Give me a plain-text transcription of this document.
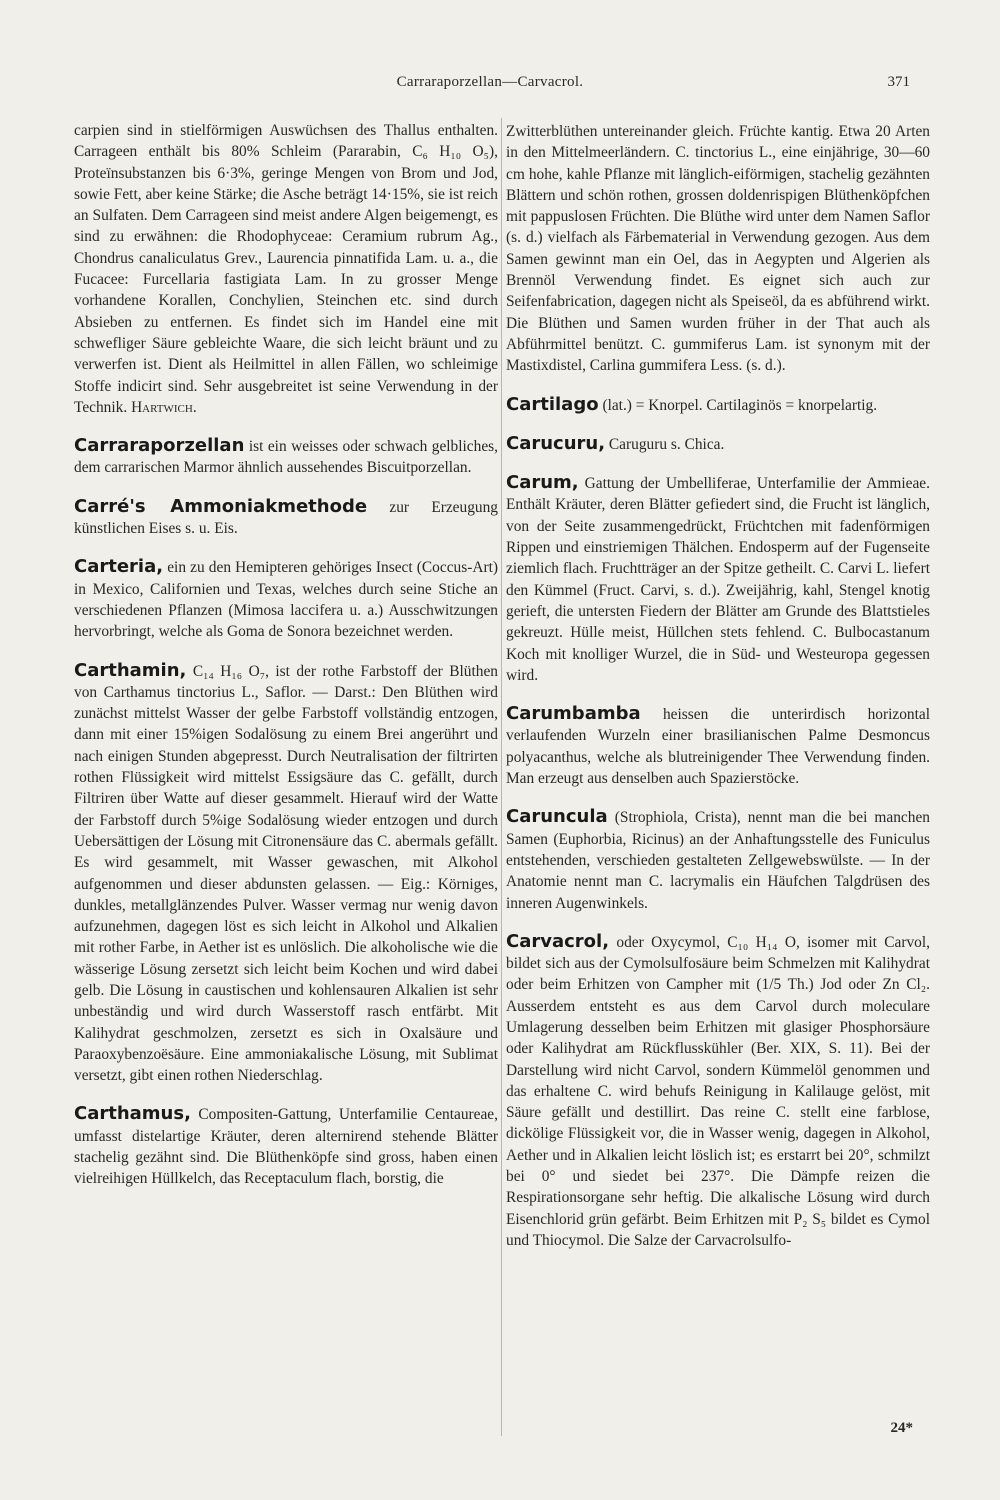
Carraraporzellan—Carvacrol.	371

carpien sind in stielförmigen Auswüchsen des Thallus enthalten. Carrageen enthält bis 80% Schleim (Pararabin, C₆ H₁₀ O₅), Proteïnsubstanzen bis 6·3%, geringe Mengen von Brom und Jod, sowie Fett, aber keine Stärke; die Asche beträgt 14·15%, sie ist reich an Sulfaten. Dem Carrageen sind meist andere Algen beigemengt, es sind zu erwähnen: die Rhodophyceae: Ceramium rubrum Ag., Chondrus canaliculatus Grev., Laurencia pinnatifida Lam. u. a., die Fucacee: Furcellaria fastigiata Lam. In zu grosser Menge vorhandene Korallen, Conchylien, Steinchen etc. sind durch Absieben zu entfernen. Es findet sich im Handel eine mit schwefliger Säure gebleichte Waare, die sich leicht bräunt und zu verwerfen ist. Dient als Heilmittel in allen Fällen, wo schleimige Stoffe indicirt sind. Sehr ausgebreitet ist seine Verwendung in der Technik. Hartwich.

Carraraporzellan ist ein weisses oder schwach gelbliches, dem carrarischen Marmor ähnlich aussehendes Biscuitporzellan.

Carré's Ammoniakmethode zur Erzeugung künstlichen Eises s. u. Eis.

Carteria, ein zu den Hemipteren gehöriges Insect (Coccus-Art) in Mexico, Californien und Texas, welches durch seine Stiche an verschiedenen Pflanzen (Mimosa laccifera u. a.) Ausschwitzungen hervorbringt, welche als Goma de Sonora bezeichnet werden.

Carthamin, C₁₄ H₁₆ O₇, ist der rothe Farbstoff der Blüthen von Carthamus tinctorius L., Saflor. — Darst.: Den Blüthen wird zunächst mittelst Wasser der gelbe Farbstoff vollständig entzogen, dann mit einer 15%igen Sodalösung zu einem Brei angerührt und nach einigen Stunden abgepresst. Durch Neutralisation der filtrirten rothen Flüssigkeit wird mittelst Essigsäure das C. gefällt, durch Filtriren über Watte auf dieser gesammelt. Hierauf wird der Watte der Farbstoff durch 5%ige Sodalösung wieder entzogen und durch Uebersättigen der Lösung mit Citronensäure das C. abermals gefällt. Es wird gesammelt, mit Wasser gewaschen, mit Alkohol aufgenommen und dieser abdunsten gelassen. — Eig.: Körniges, dunkles, metallglänzendes Pulver. Wasser vermag nur wenig davon aufzunehmen, dagegen löst es sich leicht in Alkohol und Alkalien mit rother Farbe, in Aether ist es unlöslich. Die alkoholische wie die wässerige Lösung zersetzt sich leicht beim Kochen und wird dabei gelb. Die Lösung in caustischen und kohlensauren Alkalien ist sehr unbeständig und wird durch Wasserstoff rasch entfärbt. Mit Kalihydrat geschmolzen, zersetzt es sich in Oxalsäure und Paraoxybenzoësäure. Eine ammoniakalische Lösung, mit Sublimat versetzt, gibt einen rothen Niederschlag.

Carthamus, Compositen-Gattung, Unterfamilie Centaureae, umfasst distelartige Kräuter, deren alternirend stehende Blätter stachelig gezähnt sind. Die Blüthenköpfe sind gross, haben einen vielreihigen Hüllkelch, das Receptaculum flach, borstig, die

Zwitterblüthen untereinander gleich. Früchte kantig. Etwa 20 Arten in den Mittelmeerländern. C. tinctorius L., eine einjährige, 30—60 cm hohe, kahle Pflanze mit länglich-eiförmigen, stachelig gezähnten Blättern und schön rothen, grossen doldenrispigen Blüthenköpfchen mit pappuslosen Früchten. Die Blüthe wird unter dem Namen Saflor (s. d.) vielfach als Färbematerial in Verwendung gezogen. Aus dem Samen gewinnt man ein Oel, das in Aegypten und Algerien als Brennöl Verwendung findet. Es eignet sich auch zur Seifenfabrication, dagegen nicht als Speiseöl, da es abführend wirkt. Die Blüthen und Samen wurden früher in der That auch als Abführmittel benützt. C. gummiferus Lam. ist synonym mit der Mastixdistel, Carlina gummifera Less. (s. d.).

Cartilago (lat.) = Knorpel. Cartilaginös = knorpelartig.

Carucuru, Caruguru s. Chica.

Carum, Gattung der Umbelliferae, Unterfamilie der Ammieae. Enthält Kräuter, deren Blätter gefiedert sind, die Frucht ist länglich, von der Seite zusammengedrückt, Früchtchen mit fadenförmigen Rippen und einstriemigen Thälchen. Endosperm auf der Fugenseite ziemlich flach. Fruchtträger an der Spitze getheilt. C. Carvi L. liefert den Kümmel (Fruct. Carvi, s. d.). Zweijährig, kahl, Stengel knotig gerieft, die untersten Fiedern der Blätter am Grunde des Blattstieles gekreuzt. Hülle meist, Hüllchen stets fehlend. C. Bulbocastanum Koch mit knolliger Wurzel, die in Süd- und Westeuropa gegessen wird.

Carumbamba heissen die unterirdisch horizontal verlaufenden Wurzeln einer brasilianischen Palme Desmoncus polyacanthus, welche als blutreinigender Thee Verwendung finden. Man erzeugt aus denselben auch Spazierstöcke.

Caruncula (Strophiola, Crista), nennt man die bei manchen Samen (Euphorbia, Ricinus) an der Anhaftungsstelle des Funiculus entstehenden, verschieden gestalteten Zellgewebswülste. — In der Anatomie nennt man C. lacrymalis ein Häufchen Talgdrüsen des inneren Augenwinkels.

Carvacrol, oder Oxycymol, C₁₀ H₁₄ O, isomer mit Carvol, bildet sich aus der Cymolsulfosäure beim Schmelzen mit Kalihydrat oder beim Erhitzen von Campher mit (1/5 Th.) Jod oder Zn Cl₂. Ausserdem entsteht es aus dem Carvol durch moleculare Umlagerung desselben beim Erhitzen mit glasiger Phosphorsäure oder Kalihydrat am Rückflusskühler (Ber. XIX, S. 11). Bei der Darstellung wird nicht Carvol, sondern Kümmelöl genommen und das erhaltene C. wird behufs Reinigung in Kalilauge gelöst, mit Säure gefällt und destillirt. Das reine C. stellt eine farblose, dickölige Flüssigkeit vor, die in Wasser wenig, dagegen in Alkohol, Aether und in Alkalien leicht löslich ist; es erstarrt bei 20°, schmilzt bei 0° und siedet bei 237°. Die Dämpfe reizen die Respirationsorgane sehr heftig. Die alkalische Lösung wird durch Eisenchlorid grün gefärbt. Beim Erhitzen mit P₂ S₅ bildet es Cymol und Thiocymol. Die Salze der Carvacrolsulfo-

24*
